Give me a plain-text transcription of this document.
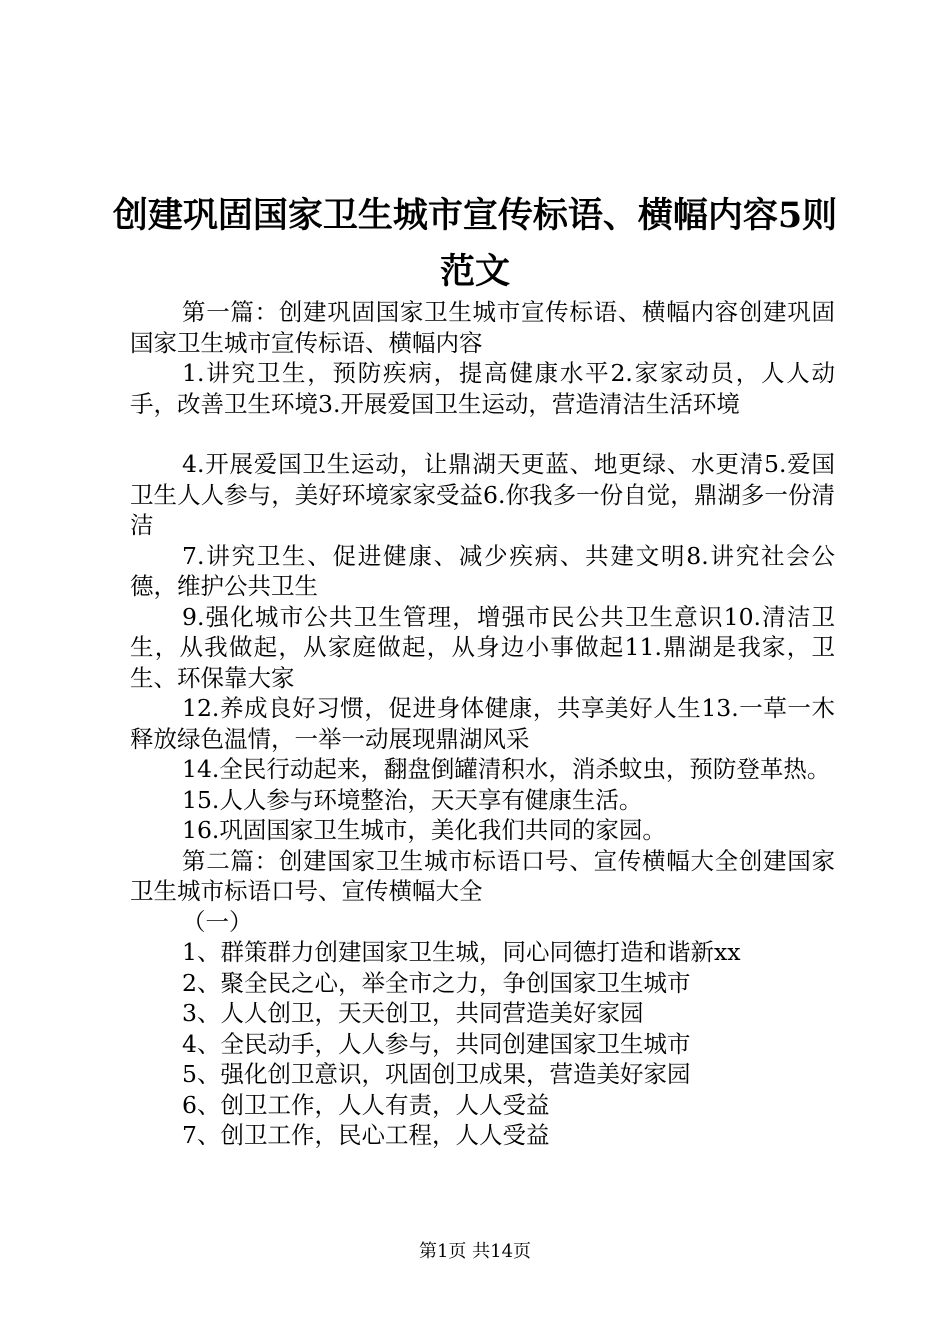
创建巩固国家卫生城市宣传标语、横幅内容5则范文

第一篇：创建巩固国家卫生城市宣传标语、横幅内容创建巩固国家卫生城市宣传标语、横幅内容

1.讲究卫生，预防疾病，提高健康水平2.家家动员，人人动手，改善卫生环境3.开展爱国卫生运动，营造清洁生活环境

4.开展爱国卫生运动，让鼎湖天更蓝、地更绿、水更清5.爱国卫生人人参与，美好环境家家受益6.你我多一份自觉，鼎湖多一份清洁

7.讲究卫生、促进健康、减少疾病、共建文明8.讲究社会公德，维护公共卫生

9.强化城市公共卫生管理，增强市民公共卫生意识10.清洁卫生，从我做起，从家庭做起，从身边小事做起11.鼎湖是我家，卫生、环保靠大家

12.养成良好习惯，促进身体健康，共享美好人生13.一草一木释放绿色温情，一举一动展现鼎湖风采

14.全民行动起来，翻盘倒罐清积水，消杀蚊虫，预防登革热。

15.人人参与环境整治，天天享有健康生活。

16.巩固国家卫生城市，美化我们共同的家园。

第二篇：创建国家卫生城市标语口号、宣传横幅大全创建国家卫生城市标语口号、宣传横幅大全

（一）

1、群策群力创建国家卫生城，同心同德打造和谐新xx

2、聚全民之心，举全市之力，争创国家卫生城市

3、人人创卫，天天创卫，共同营造美好家园

4、全民动手，人人参与，共同创建国家卫生城市

5、强化创卫意识，巩固创卫成果，营造美好家园

6、创卫工作，人人有责，人人受益

7、创卫工作，民心工程，人人受益

第1页 共14页
